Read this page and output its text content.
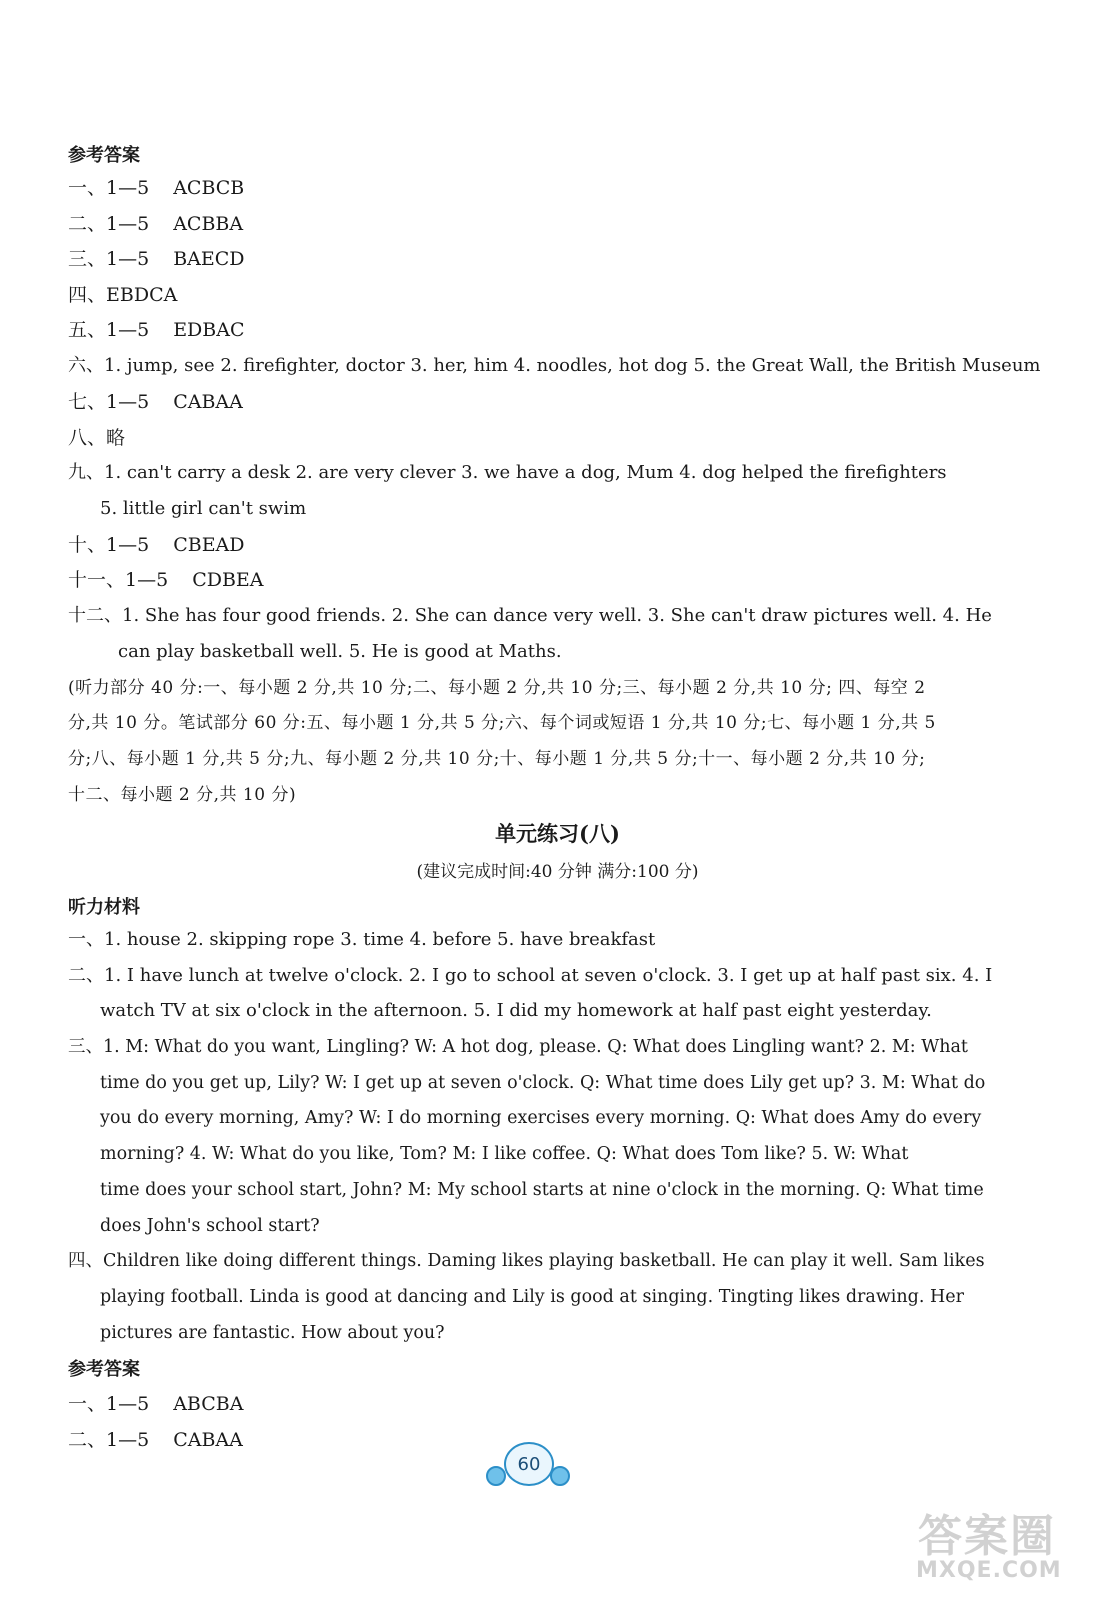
参考答案
一、1—5 ACBCB
二、1—5 ACBBA
三、1—5 BAECD
四、EBDCA
五、1—5 EDBAC
六、1. jump, see 2. firefighter, doctor 3. her, him 4. noodles, hot dog 5. the Great Wall, the British Museum
七、1—5 CABAA
八、略
九、1. can't carry a desk 2. are very clever 3. we have a dog, Mum 4. dog helped the firefighters
5. little girl can't swim
十、1—5 CBEAD
十一、1—5 CDBEA
十二、1. She has four good friends. 2. She can dance very well. 3. She can't draw pictures well. 4. He
can play basketball well. 5. He is good at Maths.
(听力部分 40 分:一、每小题 2 分,共 10 分;二、每小题 2 分,共 10 分;三、每小题 2 分,共 10 分; 四、每空 2
分,共 10 分。笔试部分 60 分:五、每小题 1 分,共 5 分;六、每个词或短语 1 分,共 10 分;七、每小题 1 分,共 5
分;八、每小题 1 分,共 5 分;九、每小题 2 分,共 10 分;十、每小题 1 分,共 5 分;十一、每小题 2 分,共 10 分;
十二、每小题 2 分,共 10 分)
单元练习(八)
(建议完成时间:40 分钟 满分:100 分)
听力材料
一、1. house 2. skipping rope 3. time 4. before 5. have breakfast
二、1. I have lunch at twelve o'clock. 2. I go to school at seven o'clock. 3. I get up at half past six. 4. I
watch TV at six o'clock in the afternoon. 5. I did my homework at half past eight yesterday.
三、1. M: What do you want, Lingling? W: A hot dog, please. Q: What does Lingling want? 2. M: What
time do you get up, Lily? W: I get up at seven o'clock. Q: What time does Lily get up? 3. M: What do
you do every morning, Amy? W: I do morning exercises every morning. Q: What does Amy do every
morning? 4. W: What do you like, Tom? M: I like coffee. Q: What does Tom like? 5. W: What
time does your school start, John? M: My school starts at nine o'clock in the morning. Q: What time
does John's school start?
四、Children like doing different things. Daming likes playing basketball. He can play it well. Sam likes
playing football. Linda is good at dancing and Lily is good at singing. Tingting likes drawing. Her
pictures are fantastic. How about you?
参考答案
一、1—5 ABCBA
二、1—5 CABAA
60
答案圈
MXQE.COM
